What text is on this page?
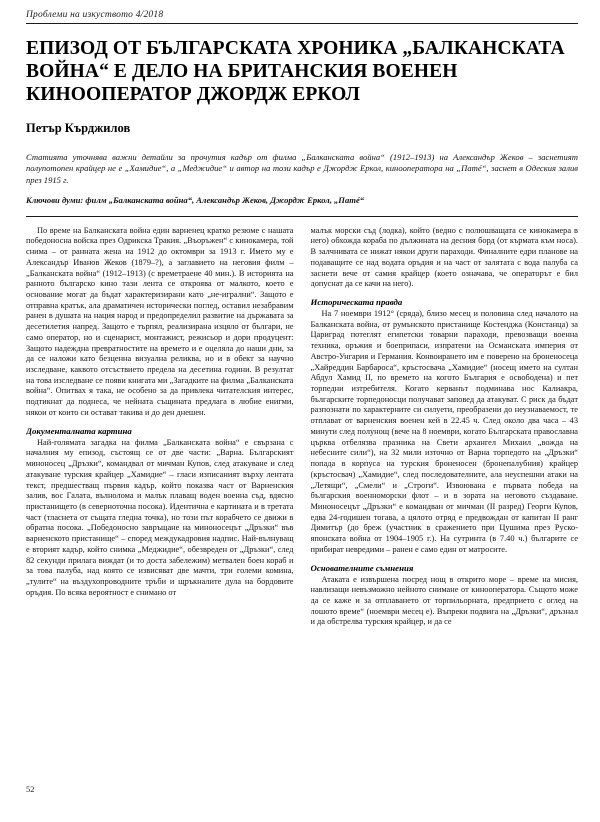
Проблеми на изкуството 4/2018
ЕПИЗОД ОТ БЪЛГАРСКАТА ХРОНИКА „БАЛКАНСКАТА ВОЙНА“ Е ДЕЛО НА БРИТАНСКИЯ ВОЕНЕН КИНООПЕРАТОР ДЖОРДЖ ЕРКОЛ
Петър Кърджилов
Статията уточнява важни детайли за прочутия кадър от филма „Балканската война“ (1912–1913) на Александър Жеков – заснетият полупотопен крайцер не е „Хамидие“, а „Меджидие“ и автор на този кадър е Джордж Еркол, кинооператора на „Патé“, заснет в Одеския залив през 1915 г.
Ключови думи: филм „Балканската война“, Александър Жеков, Джордж Еркол, „Патé“

По време на Балканската война един варненец кратко резюме с нашата победоносна войска през Одрикска Тракия. „Въоръжен“ с кинокамера, той снима – от ранната жена на 1912 до октомври за 1913 г. Името му е Александър Иванов Жеков (1879–?), а заглавието на неговия филм – „Балканската война“ (1912–1913) (с времетраене 40 мин.). В историята на ранното българско кино тази лента се откроява от малкото, което е основание могат да бъдат характеризирани като „не-игрални“. Защото е отправна кратък, ала драматичен исторически поглед, оставил незабравим ранен в душата на нация народ и предопределил развитие на държавата за десетилетия напред. Защото е търпял, реализирана изцяло от българи, не само оператор, но и сценарист, монтажист, режисьор и дори продуцент: Защото надеждна превратностите на времето и е оцеляла до наши дни, за да се наложи като безценна визуална реликва, но и в обект за научно изследване, каквото отсъствието предела на десетина години. В резултат на това изследване се появи книгата ми „Загадките на филма „Балканската война“. Опитвах я така, не особено за да привлека читателския интерес, подтикнат да поднеса, че нейната същината предлага в любие енигми, някои от които си остават такива и до ден днешен.

Документалната картина

Най-голямата загадка на филма „Балканската война“ е свързана с началния му епизод, състоящ се от две части: „Варна. Българският миноносец „Дръзки“, командвал от мичман Купов, след атакуване и след атакуване турския крайцер „Хамидие“ – гласи изписаният върху лентата текст, предшестващ първия кадър, който показва част от Варненския залив, вос Галата, вълнолома и малък плаващ воден военна съд, вдясно пристанището (в северноточна посока). Идентична е картината и в третата част (тласнета от същата гледна точка), но този път корабчето се движи в обратна посока. „Победоносно завръщане на миноносецът „Дръзки“ във варненското пристанище“ – според междукадровия надпис. Най-вълнуващ е вторият кадър, който снимка „Меджидие“, обезвреден от „Дръзки“, след 82 секунди прилага виждат (и то доста забележим) метвален боен кораб и за това палуба, над която се извисяват две мачти, три големи комина, „тулите“ на въздухопроводните тръби и щръкналите дула на бордовите оръдия. По всяка вероятност е снимано от

малък морски съд (лодка), който (ведно с полюшващата се кинокамера в него) обхожда кораба по дължината на десния борд (от кърмата към носа). В залчнивата се нижат някои други параходи. Финалните едри планове на подаващите се над водата оръдия и на част от залятата с вода палуба са заснети вече от самия крайцер (което означава, че операторът е бил допуснат да се качи на него).

Историческата правда

На 7 ноември 1912° (сряда), близо месец и половина след началото на Балканската война, от румънското пристанище Костенджа (Констанца) за Цариград потеглят египетски товарни параходи, превозващи военна техника, оръжия и боеприпаси, изпратени на Османската империя от Австро-Унгария и Германия. Конвоирането им е поверено на броненосеца „Хайреддин Барбароса“, кръстосвача „Хамидие“ (носещ името на султан Абдул Хамид II, по времето на когото България е освободена) и пет торпедни изтребителя. Когато керванът подминава нос Калиакра, българските торпедоносци получават заповед да атакуват. С риск да бъдат разпознати по характерните си силуети, преобразени до неузнаваемост, те отплават от варненския военен кей в 22.45 ч. След около два часа – 43 минути след полунощ (вече на 8 ноември, когато Българската православна църква отбелязва празника на Свети архангел Михаил „вожда на небесните сили“), на 32 мили източно от Варна торпедото на „Дръзки“ попада в корпуса на турския броненосен (бронепалубния) крайцер (кръстосвач) „Хамидие“, след последователните, ала неуспешни атаки на „Летящи“, „Смели“ и „Строги“. Извоювана е първата победа на българския военноморски флот – и в зората на неговото създаване. Миноносецът „Дръзки“ е командван от мичман (II разред) Георги Купов, едва 24-годишен тогава, а цялото отряд е предвождан от капитан II ранг Димитър (до бреж (участник в сражението при Цушима през Руско-японската война от 1904–1905 г.). На сутринта (в 7.40 ч.) българите се прибират невредими – ранен е само един от матросите.

Основателните съмнения

Атаката е извършена посред нощ в открито море – време на мисия, навлизащи невъзможно нейното снимане от кинооператора. Същото може да се каже и за отплаването от торпильорната, предприето с оглед на лошото време“ (ноември месец е). Въпреки подвига на „Дръзки“, дръзнал и да обстрелва турския крайцер, и да се

52
